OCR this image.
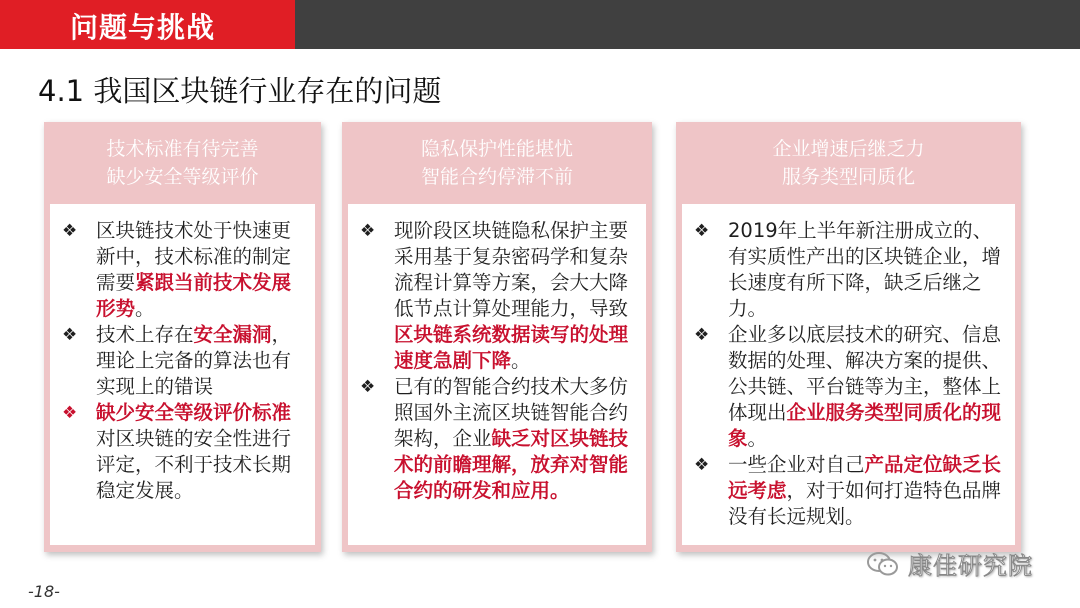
问题与挑战
4.1 我国区块链行业存在的问题
技术标准有待完善
缺少安全等级评价
❖ 区块链技术处于快速更新中，技术标准的制定需要紧跟当前技术发展形势。
❖ 技术上存在安全漏洞，理论上完备的算法也有实现上的错误
❖ 缺少安全等级评价标准对区块链的安全性进行评定，不利于技术长期稳定发展。
隐私保护性能堪忧
智能合约停滞不前
❖ 现阶段区块链隐私保护主要采用基于复杂密码学和复杂流程计算等方案，会大大降低节点计算处理能力，导致区块链系统数据读写的处理速度急剧下降。
❖ 已有的智能合约技术大多仿照国外主流区块链智能合约架构，企业缺乏对区块链技术的前瞻理解，放弃对智能合约的研发和应用。
企业增速后继乏力
服务类型同质化
❖ 2019年上半年新注册成立的、有实质性产出的区块链企业，增长速度有所下降，缺乏后继之力。
❖ 企业多以底层技术的研究、信息数据的处理、解决方案的提供、公共链、平台链等为主，整体上体现出企业服务类型同质化的现象。
❖ 一些企业对自己产品定位缺乏长远考虑，对于如何打造特色品牌没有长远规划。
-18-
康佳研究院
